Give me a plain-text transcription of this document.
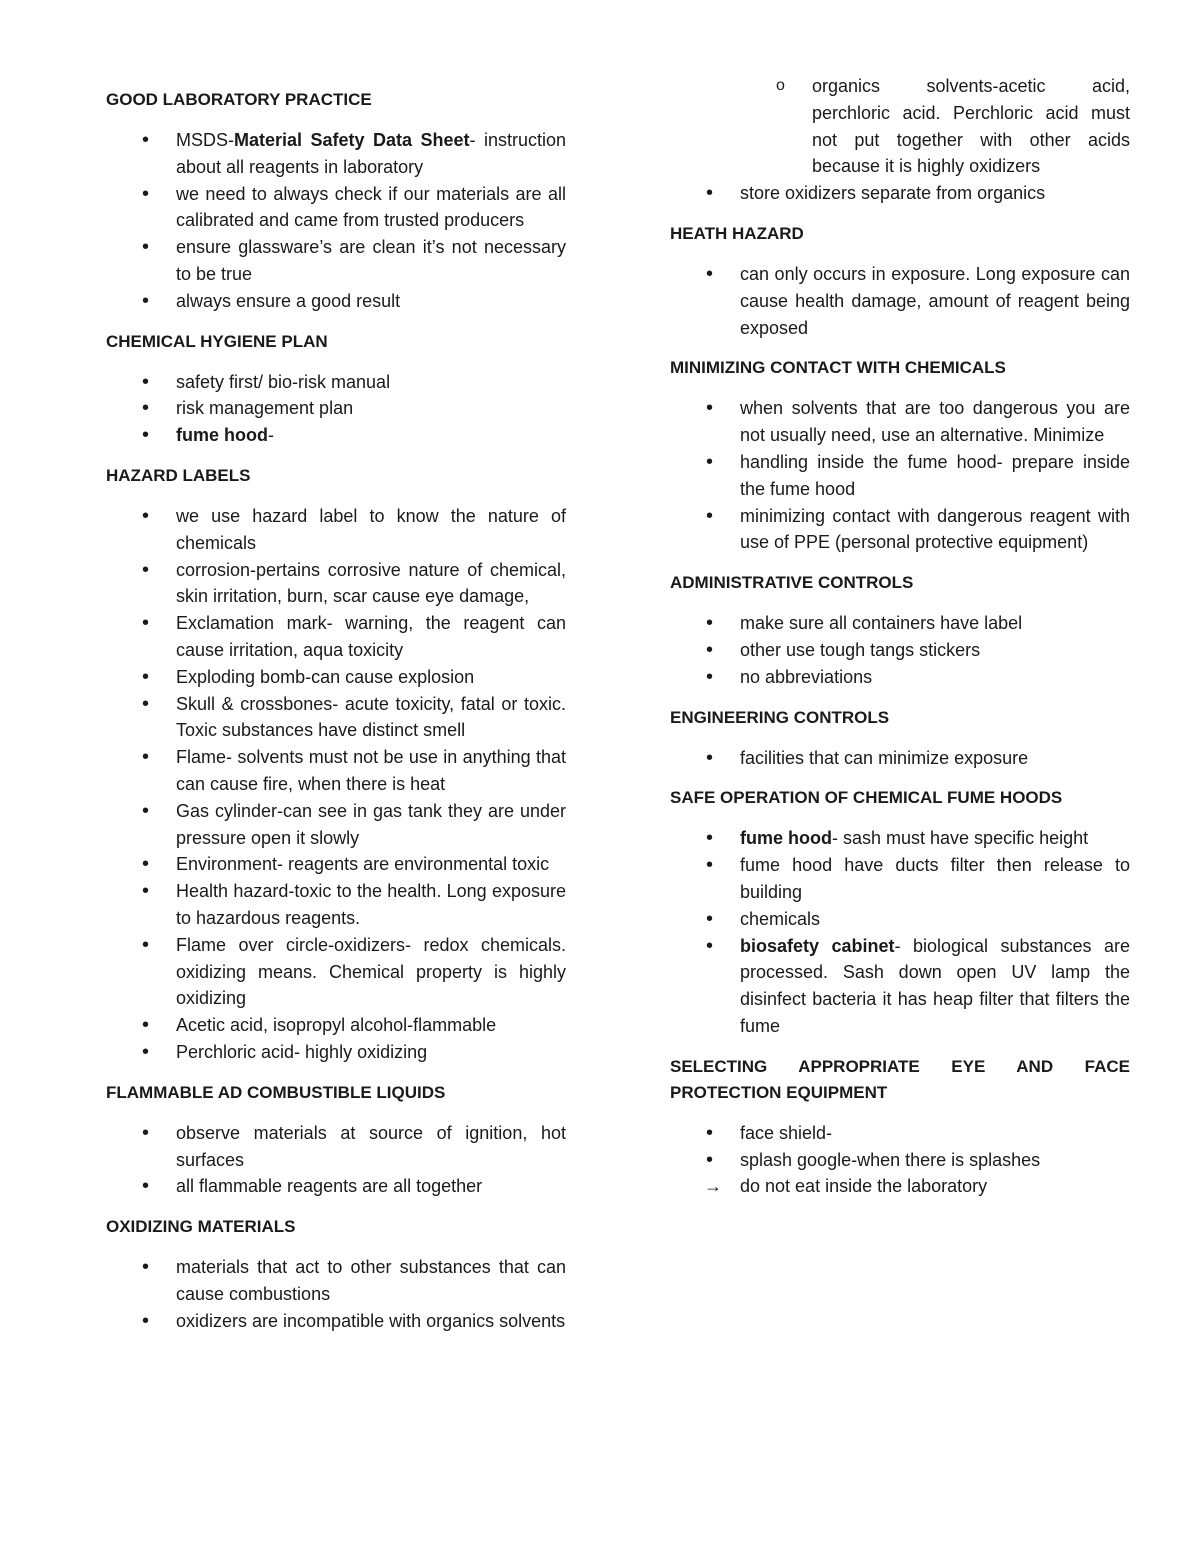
GOOD LABORATORY PRACTICE
• MSDS-Material Safety Data Sheet- instruction about all reagents in laboratory
• we need to always check if our materials are all calibrated and came from trusted producers
• ensure glassware’s are clean it’s not necessary to be true
• always ensure a good result
CHEMICAL HYGIENE PLAN
• safety first/ bio-risk manual
• risk management plan
• fume hood-
HAZARD LABELS
• we use hazard label to know the nature of chemicals
• corrosion-pertains corrosive nature of chemical, skin irritation, burn, scar cause eye damage,
• Exclamation mark- warning, the reagent can cause irritation, aqua toxicity
• Exploding bomb-can cause explosion
• Skull & crossbones- acute toxicity, fatal or toxic. Toxic substances have distinct smell
• Flame- solvents must not be use in anything that can cause fire, when there is heat
• Gas cylinder-can see in gas tank they are under pressure open it slowly
• Environment- reagents are environmental toxic
• Health hazard-toxic to the health. Long exposure to hazardous reagents.
• Flame over circle-oxidizers- redox chemicals. oxidizing means. Chemical property is highly oxidizing
• Acetic acid, isopropyl alcohol-flammable
• Perchloric acid- highly oxidizing
FLAMMABLE AD COMBUSTIBLE LIQUIDS
• observe materials at source of ignition, hot surfaces
• all flammable reagents are all together
OXIDIZING MATERIALS
• materials that act to other substances that can cause combustions
• oxidizers are incompatible with organics solvents
o organics solvents-acetic acid, perchloric acid. Perchloric acid must not put together with other acids because it is highly oxidizers
• store oxidizers separate from organics
HEATH HAZARD
• can only occurs in exposure. Long exposure can cause health damage, amount of reagent being exposed
MINIMIZING CONTACT WITH CHEMICALS
• when solvents that are too dangerous you are not usually need, use an alternative. Minimize
• handling inside the fume hood- prepare inside the fume hood
• minimizing contact with dangerous reagent with use of PPE (personal protective equipment)
ADMINISTRATIVE CONTROLS
• make sure all containers have label
• other use tough tangs stickers
• no abbreviations
ENGINEERING CONTROLS
• facilities that can minimize exposure
SAFE OPERATION OF CHEMICAL FUME HOODS
• fume hood- sash must have specific height
• fume hood have ducts filter then release to building
• chemicals
• biosafety cabinet- biological substances are processed. Sash down open UV lamp the disinfect bacteria it has heap filter that filters the fume
SELECTING APPROPRIATE EYE AND FACE PROTECTION EQUIPMENT
• face shield-
• splash google-when there is splashes
→ do not eat inside the laboratory
